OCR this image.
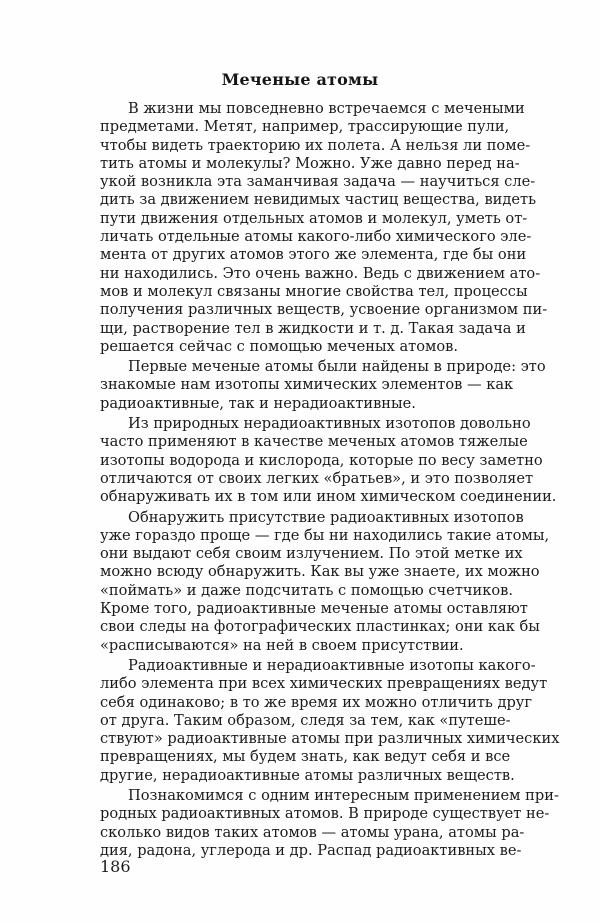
Меченые атомы
В жизни мы повседневно встречаемся с мечеными
предметами. Метят, например, трассирующие пули,
чтобы видеть траекторию их полета. А нельзя ли поме-
тить атомы и молекулы? Можно. Уже давно перед на-
укой возникла эта заманчивая задача — научиться сле-
дить за движением невидимых частиц вещества, видеть
пути движения отдельных атомов и молекул, уметь от-
личать отдельные атомы какого-либо химического эле-
мента от других атомов этого же элемента, где бы они
ни находились. Это очень важно. Ведь с движением ато-
мов и молекул связаны многие свойства тел, процессы
получения различных веществ, усвоение организмом пи-
щи, растворение тел в жидкости и т. д. Такая задача и
решается сейчас с помощью меченых атомов.
Первые меченые атомы были найдены в природе: это
знакомые нам изотопы химических элементов — как
радиоактивные, так и нерадиоактивные.
Из природных нерадиоактивных изотопов довольно
часто применяют в качестве меченых атомов тяжелые
изотопы водорода и кислорода, которые по весу заметно
отличаются от своих легких «братьев», и это позволяет
обнаруживать их в том или ином химическом соединении.
Обнаружить присутствие радиоактивных изотопов
уже гораздо проще — где бы ни находились такие атомы,
они выдают себя своим излучением. По этой метке их
можно всюду обнаружить. Как вы уже знаете, их можно
«поймать» и даже подсчитать с помощью счетчиков.
Кроме того, радиоактивные меченые атомы оставляют
свои следы на фотографических пластинках; они как бы
«расписываются» на ней в своем присутствии.
Радиоактивные и нерадиоактивные изотопы какого-
либо элемента при всех химических превращениях ведут
себя одинаково; в то же время их можно отличить друг
от друга. Таким образом, следя за тем, как «путеше-
ствуют» радиоактивные атомы при различных химических
превращениях, мы будем знать, как ведут себя и все
другие, нерадиоактивные атомы различных веществ.
Познакомимся с одним интересным применением при-
родных радиоактивных атомов. В природе существует не-
сколько видов таких атомов — атомы урана, атомы ра-
дия, радона, углерода и др. Распад радиоактивных ве-
186
